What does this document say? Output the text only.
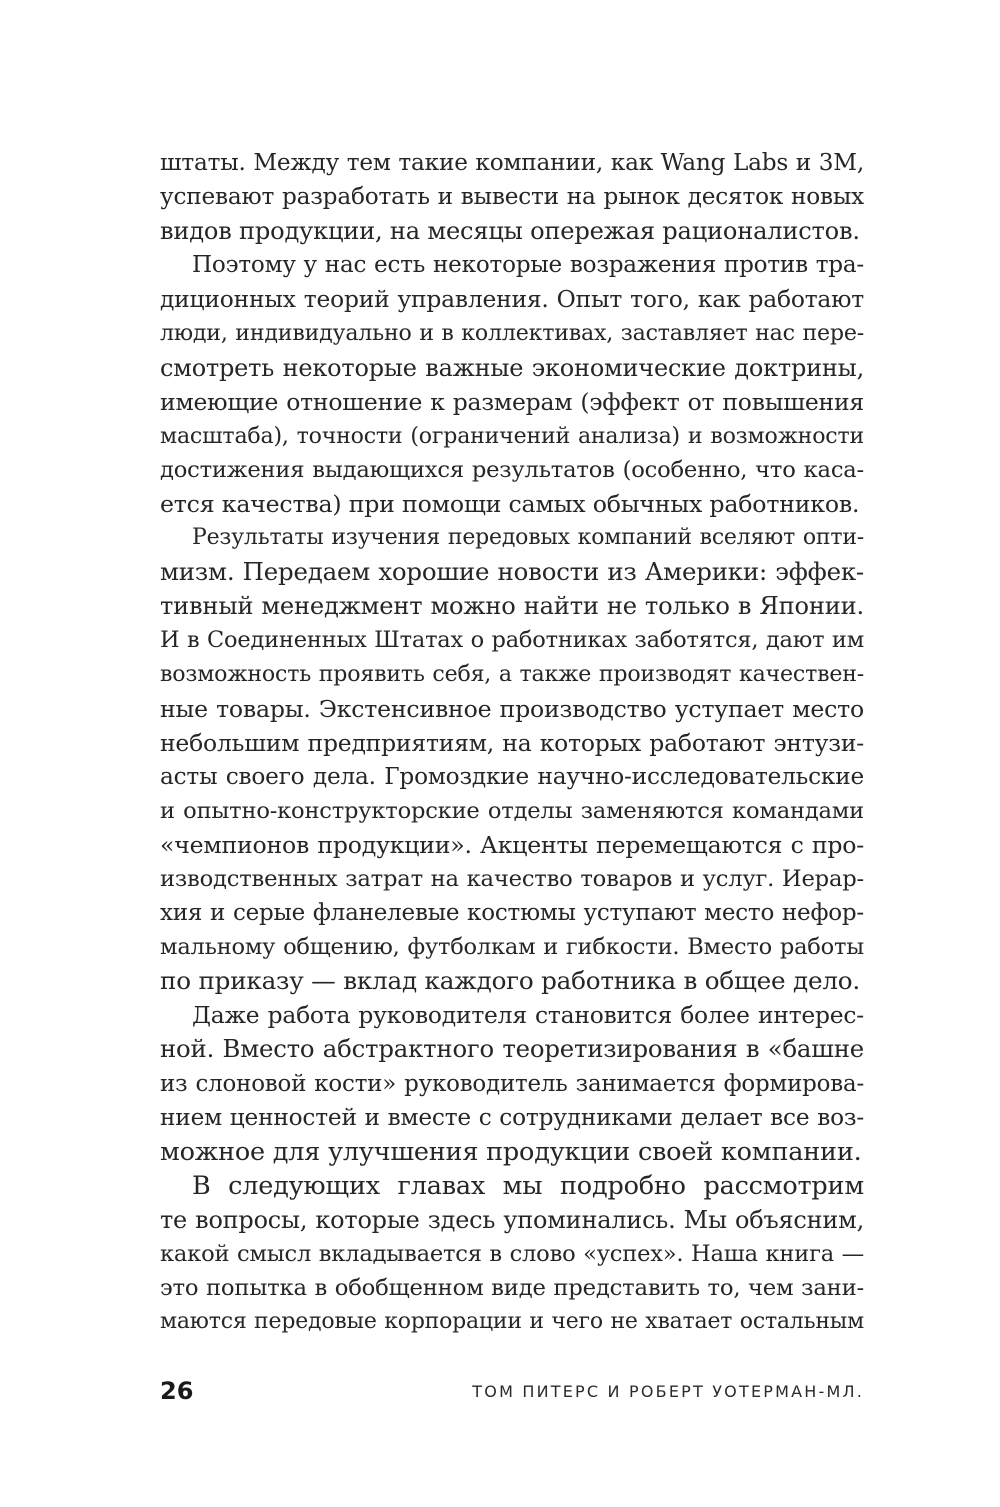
штаты. Между тем такие компании, как Wang Labs и 3M,
успевают разработать и вывести на рынок десяток новых
видов продукции, на месяцы опережая рационалистов.
Поэтому у нас есть некоторые возражения против тра-
диционных теорий управления. Опыт того, как работают
люди, индивидуально и в коллективах, заставляет нас пере-
смотреть некоторые важные экономические доктрины,
имеющие отношение к размерам (эффект от повышения
масштаба), точности (ограничений анализа) и возможности
достижения выдающихся результатов (особенно, что каса-
ется качества) при помощи самых обычных работников.
Результаты изучения передовых компаний вселяют опти-
мизм. Передаем хорошие новости из Америки: эффек-
тивный менеджмент можно найти не только в Японии.
И в Соединенных Штатах о работниках заботятся, дают им
возможность проявить себя, а также производят качествен-
ные товары. Экстенсивное производство уступает место
небольшим предприятиям, на которых работают энтузи-
асты своего дела. Громоздкие научно-исследовательские
и опытно-конструкторские отделы заменяются командами
«чемпионов продукции». Акценты перемещаются с про-
изводственных затрат на качество товаров и услуг. Иерар-
хия и серые фланелевые костюмы уступают место нефор-
мальному общению, футболкам и гибкости. Вместо работы
по приказу — вклад каждого работника в общее дело.
Даже работа руководителя становится более интерес-
ной. Вместо абстрактного теоретизирования в «башне
из слоновой кости» руководитель занимается формирова-
нием ценностей и вместе с сотрудниками делает все воз-
можное для улучшения продукции своей компании.
В следующих главах мы подробно рассмотрим
те вопросы, которые здесь упоминались. Мы объясним,
какой смысл вкладывается в слово «успех». Наша книга —
это попытка в обобщенном виде представить то, чем зани-
маются передовые корпорации и чего не хватает остальным
26	ТОМ ПИТЕРС И РОБЕРТ УОТЕРМАН-МЛ.
